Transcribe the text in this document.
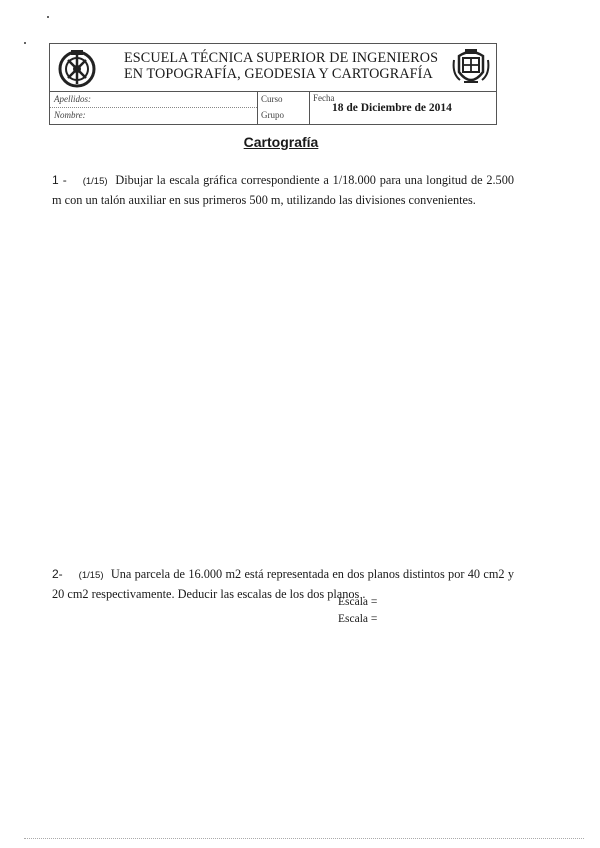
ESCUELA TÉCNICA SUPERIOR DE INGENIEROS
EN TOPOGRAFÍA, GEODESIA Y CARTOGRAFÍA
Apellidos:
Nombre:
Curso
Grupo
Fecha
18 de Diciembre de 2014
Cartografía
1 - (1/15) Dibujar la escala gráfica correspondiente a 1/18.000 para una longitud de 2.500 m con un talón auxiliar en sus primeros 500 m, utilizando las divisiones convenientes.
2- (1/15) Una parcela de 16.000 m2 está representada en dos planos distintos por 40 cm2 y 20 cm2 respectivamente. Deducir las escalas de los dos planos .
Escala =
Escala =
